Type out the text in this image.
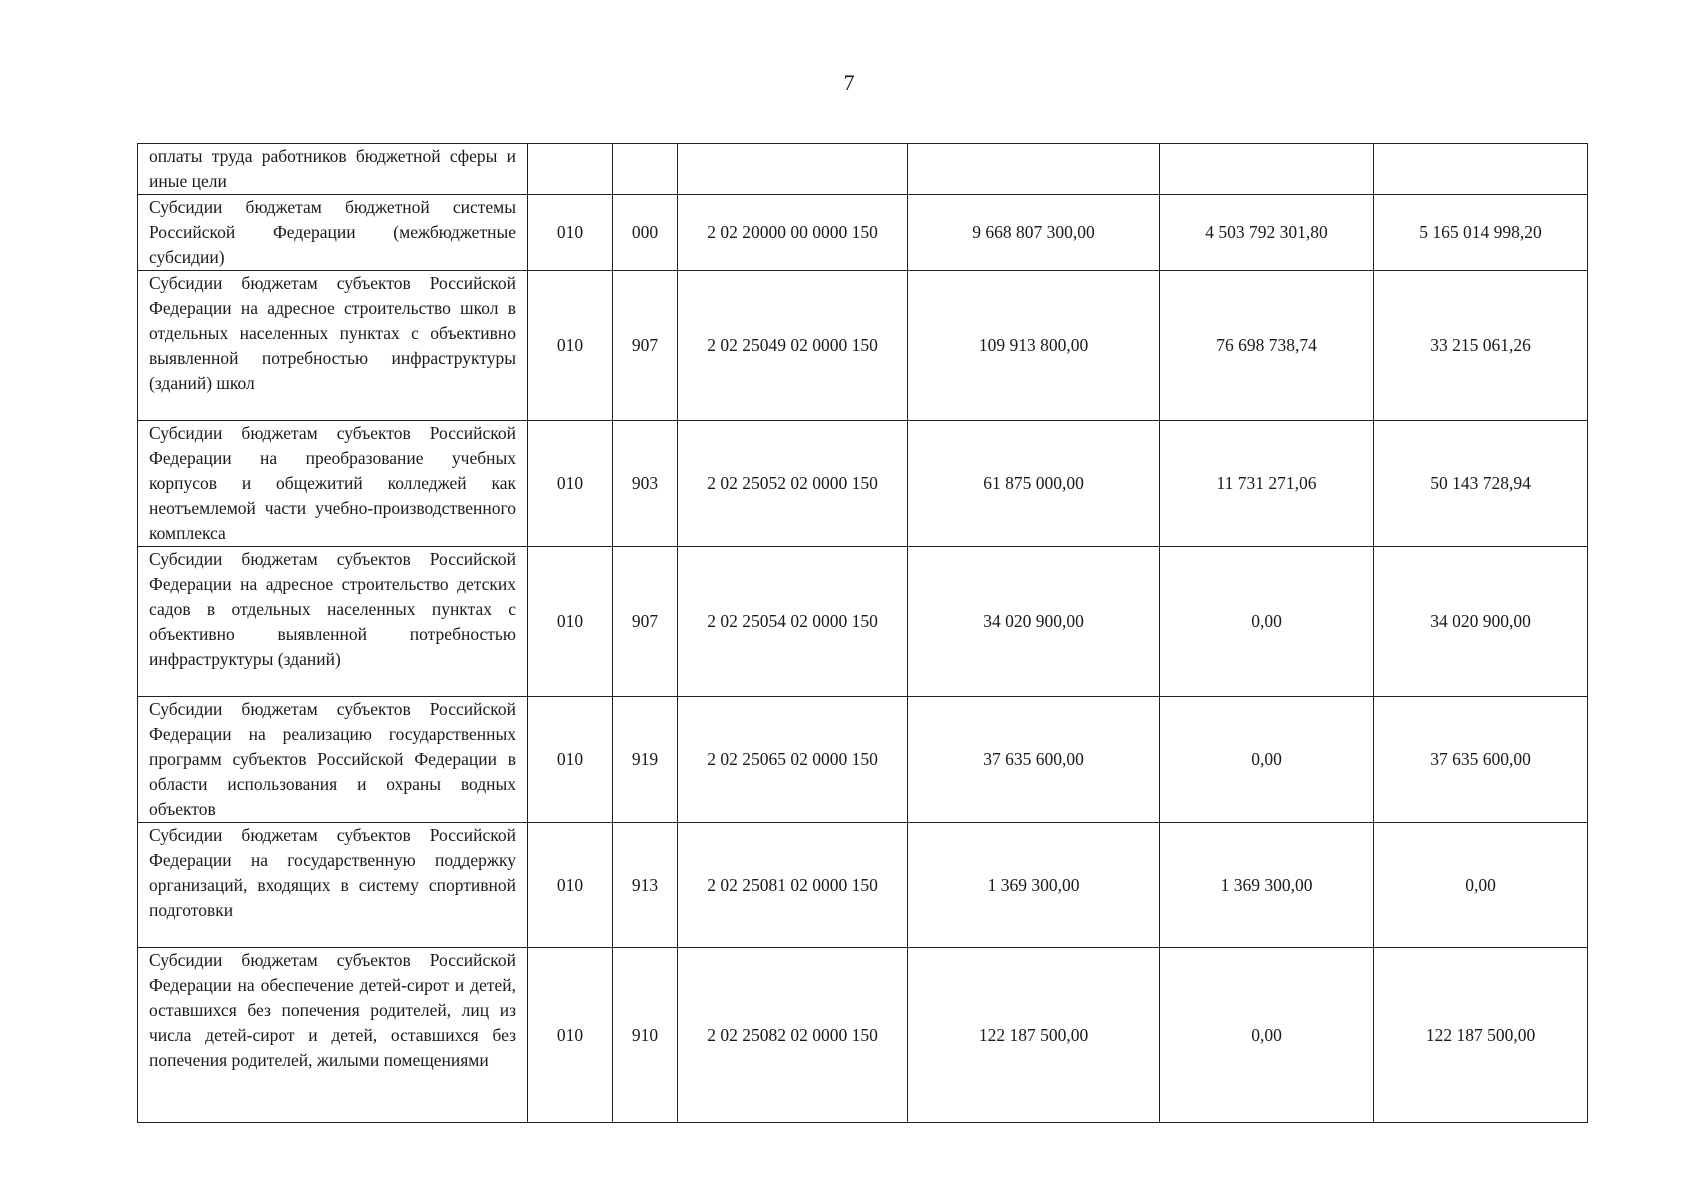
7
оплаты труда работников бюджетной сферы и иные цели						
Субсидии бюджетам бюджетной системы Российской Федерации (межбюджетные субсидии)	010	000	2 02 20000 00 0000 150	9 668 807 300,00	4 503 792 301,80	5 165 014 998,20
Субсидии бюджетам субъектов Российской Федерации на адресное строительство школ в отдельных населенных пунктах с объективно выявленной потребностью инфраструктуры (зданий) школ	010	907	2 02 25049 02 0000 150	109 913 800,00	76 698 738,74	33 215 061,26
Субсидии бюджетам субъектов Российской Федерации на преобразование учебных корпусов и общежитий колледжей как неотъемлемой части учебно-производственного комплекса	010	903	2 02 25052 02 0000 150	61 875 000,00	11 731 271,06	50 143 728,94
Субсидии бюджетам субъектов Российской Федерации на адресное строительство детских садов в отдельных населенных пунктах с объективно выявленной потребностью инфраструктуры (зданий)	010	907	2 02 25054 02 0000 150	34 020 900,00	0,00	34 020 900,00
Субсидии бюджетам субъектов Российской Федерации на реализацию государственных программ субъектов Российской Федерации в области использования и охраны водных объектов	010	919	2 02 25065 02 0000 150	37 635 600,00	0,00	37 635 600,00
Субсидии бюджетам субъектов Российской Федерации на государственную поддержку организаций, входящих в систему спортивной подготовки	010	913	2 02 25081 02 0000 150	1 369 300,00	1 369 300,00	0,00
Субсидии бюджетам субъектов Российской Федерации на обеспечение детей-сирот и детей, оставшихся без попечения родителей, лиц из числа детей-сирот и детей, оставшихся без попечения родителей, жилыми помещениями	010	910	2 02 25082 02 0000 150	122 187 500,00	0,00	122 187 500,00
